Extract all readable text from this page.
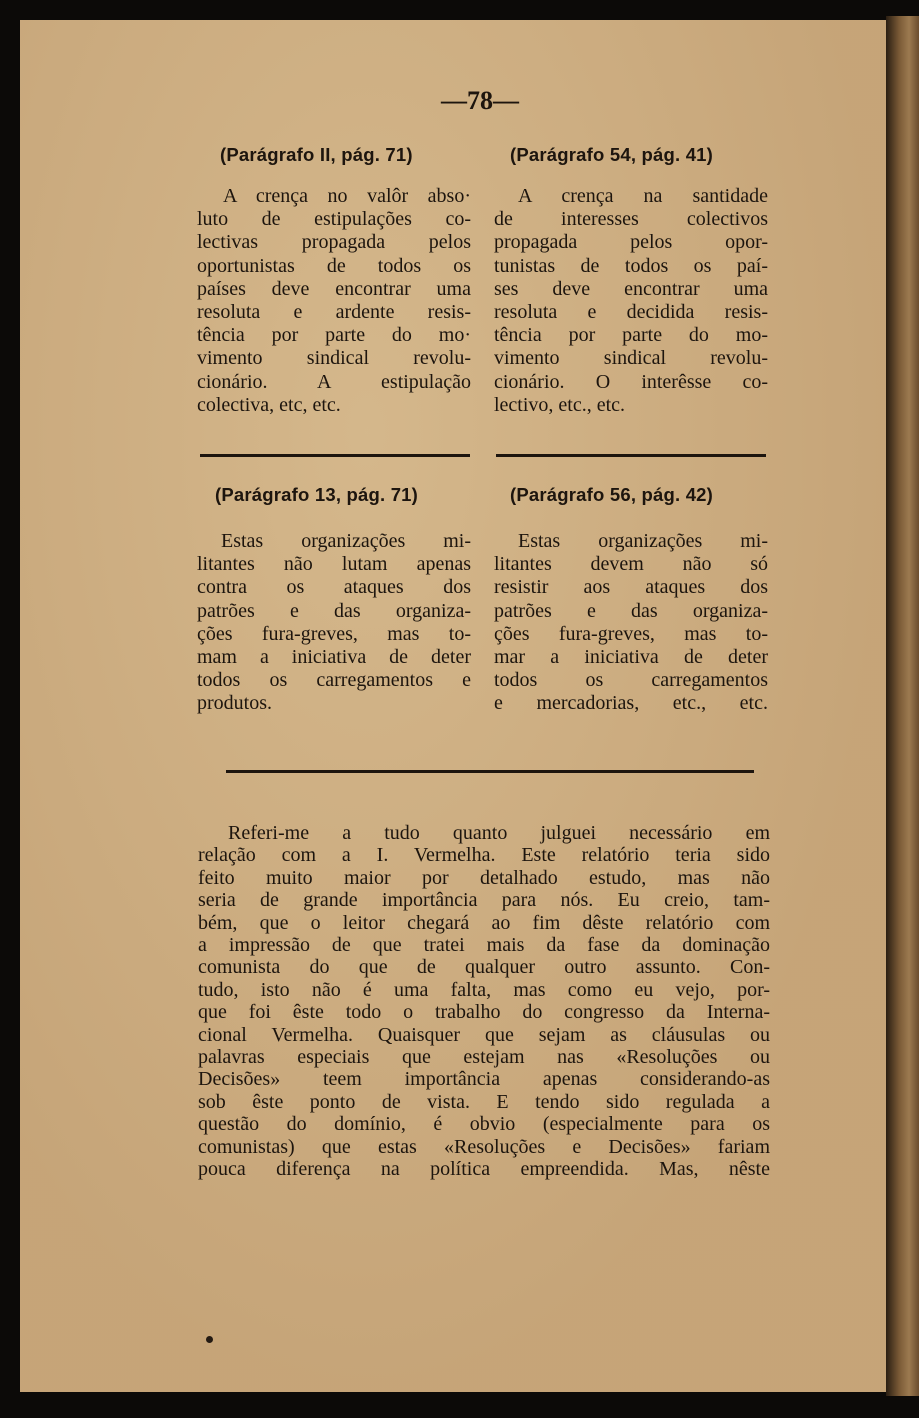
—78—
(Parágrafo II, pág. 71)
A crença no valôr abso·
luto de estipulações co-
lectivas propagada pelos
oportunistas de todos os
países deve encontrar uma
resoluta e ardente resis-
tência por parte do mo·
vimento sindical revolu-
cionário. A estipulação
colectiva, etc, etc.
(Parágrafo 54, pág. 41)
A crença na santidade
de interesses colectivos
propagada pelos opor-
tunistas de todos os paí-
ses deve encontrar uma
resoluta e decidida resis-
tência por parte do mo-
vimento sindical revolu-
cionário. O interêsse co-
lectivo, etc., etc.
(Parágrafo 13, pág. 71)
Estas organizações mi-
litantes não lutam apenas
contra os ataques dos
patrões e das organiza-
ções fura-greves, mas to-
mam a iniciativa de deter
todos os carregamentos e
produtos.
(Parágrafo 56, pág. 42)
Estas organizações mi-
litantes devem não só
resistir aos ataques dos
patrões e das organiza-
ções fura-greves, mas to-
mar a iniciativa de deter
todos os carregamentos
e mercadorias, etc., etc.
Referi-me a tudo quanto julguei necessário em
relação com a I. Vermelha. Este relatório teria sido
feito muito maior por detalhado estudo, mas não
seria de grande importância para nós. Eu creio, tam-
bém, que o leitor chegará ao fim dêste relatório com
a impressão de que tratei mais da fase da dominação
comunista do que de qualquer outro assunto. Con-
tudo, isto não é uma falta, mas como eu vejo, por-
que foi êste todo o trabalho do congresso da Interna-
cional Vermelha. Quaisquer que sejam as cláusulas ou
palavras especiais que estejam nas «Resoluções ou
Decisões» teem importância apenas considerando-as
sob êste ponto de vista. E tendo sido regulada a
questão do domínio, é obvio (especialmente para os
comunistas) que estas «Resoluções e Decisões» fariam
pouca diferença na política empreendida. Mas, nêste
